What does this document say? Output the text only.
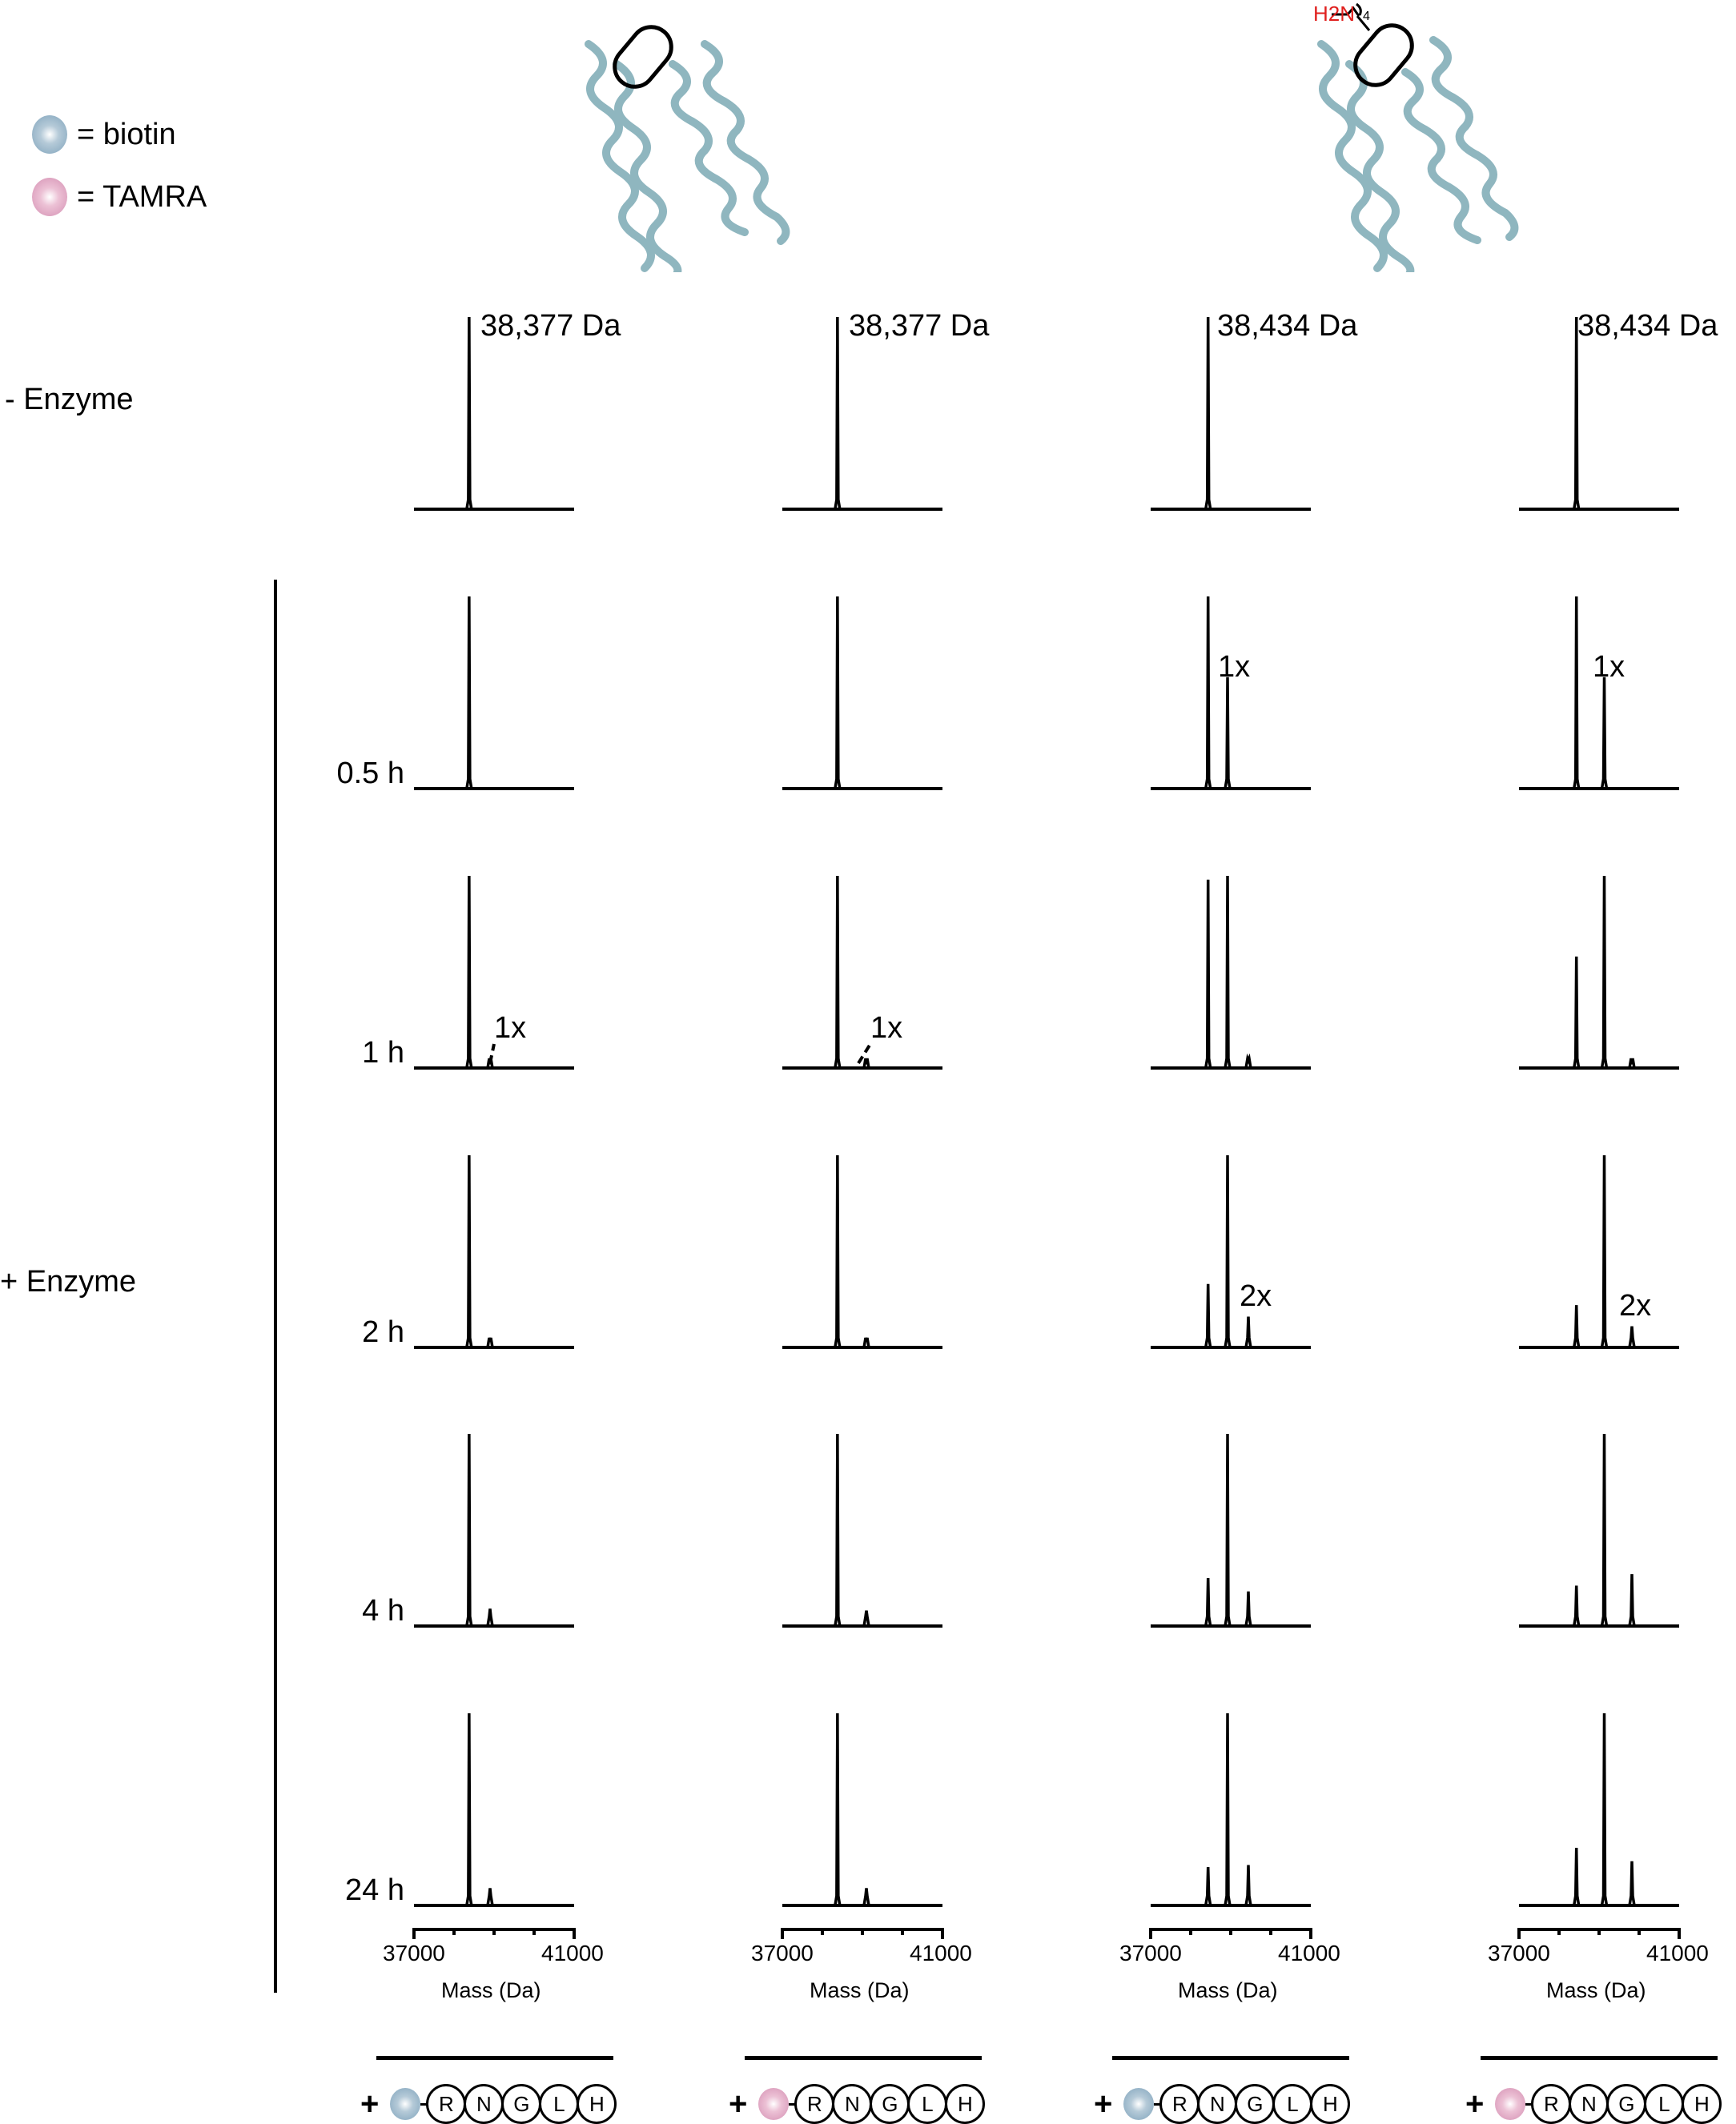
= biotin
= TAMRA
H2N 4
- Enzyme
+ Enzyme
0.5 h
1 h
2 h
4 h
24 h
38,377 Da	38,377 Da	38,434 Da	38,434 Da
1x	1x
1x	1x
2x	2x
37000	41000
Mass (Da)
37000	41000
Mass (Da)
37000	41000
Mass (Da)
37000	41000
Mass (Da)
+	R	N	G	L	H	+	R	N	G	L	H	+	R	N	G	L	H	+	R	N	G	L	H
